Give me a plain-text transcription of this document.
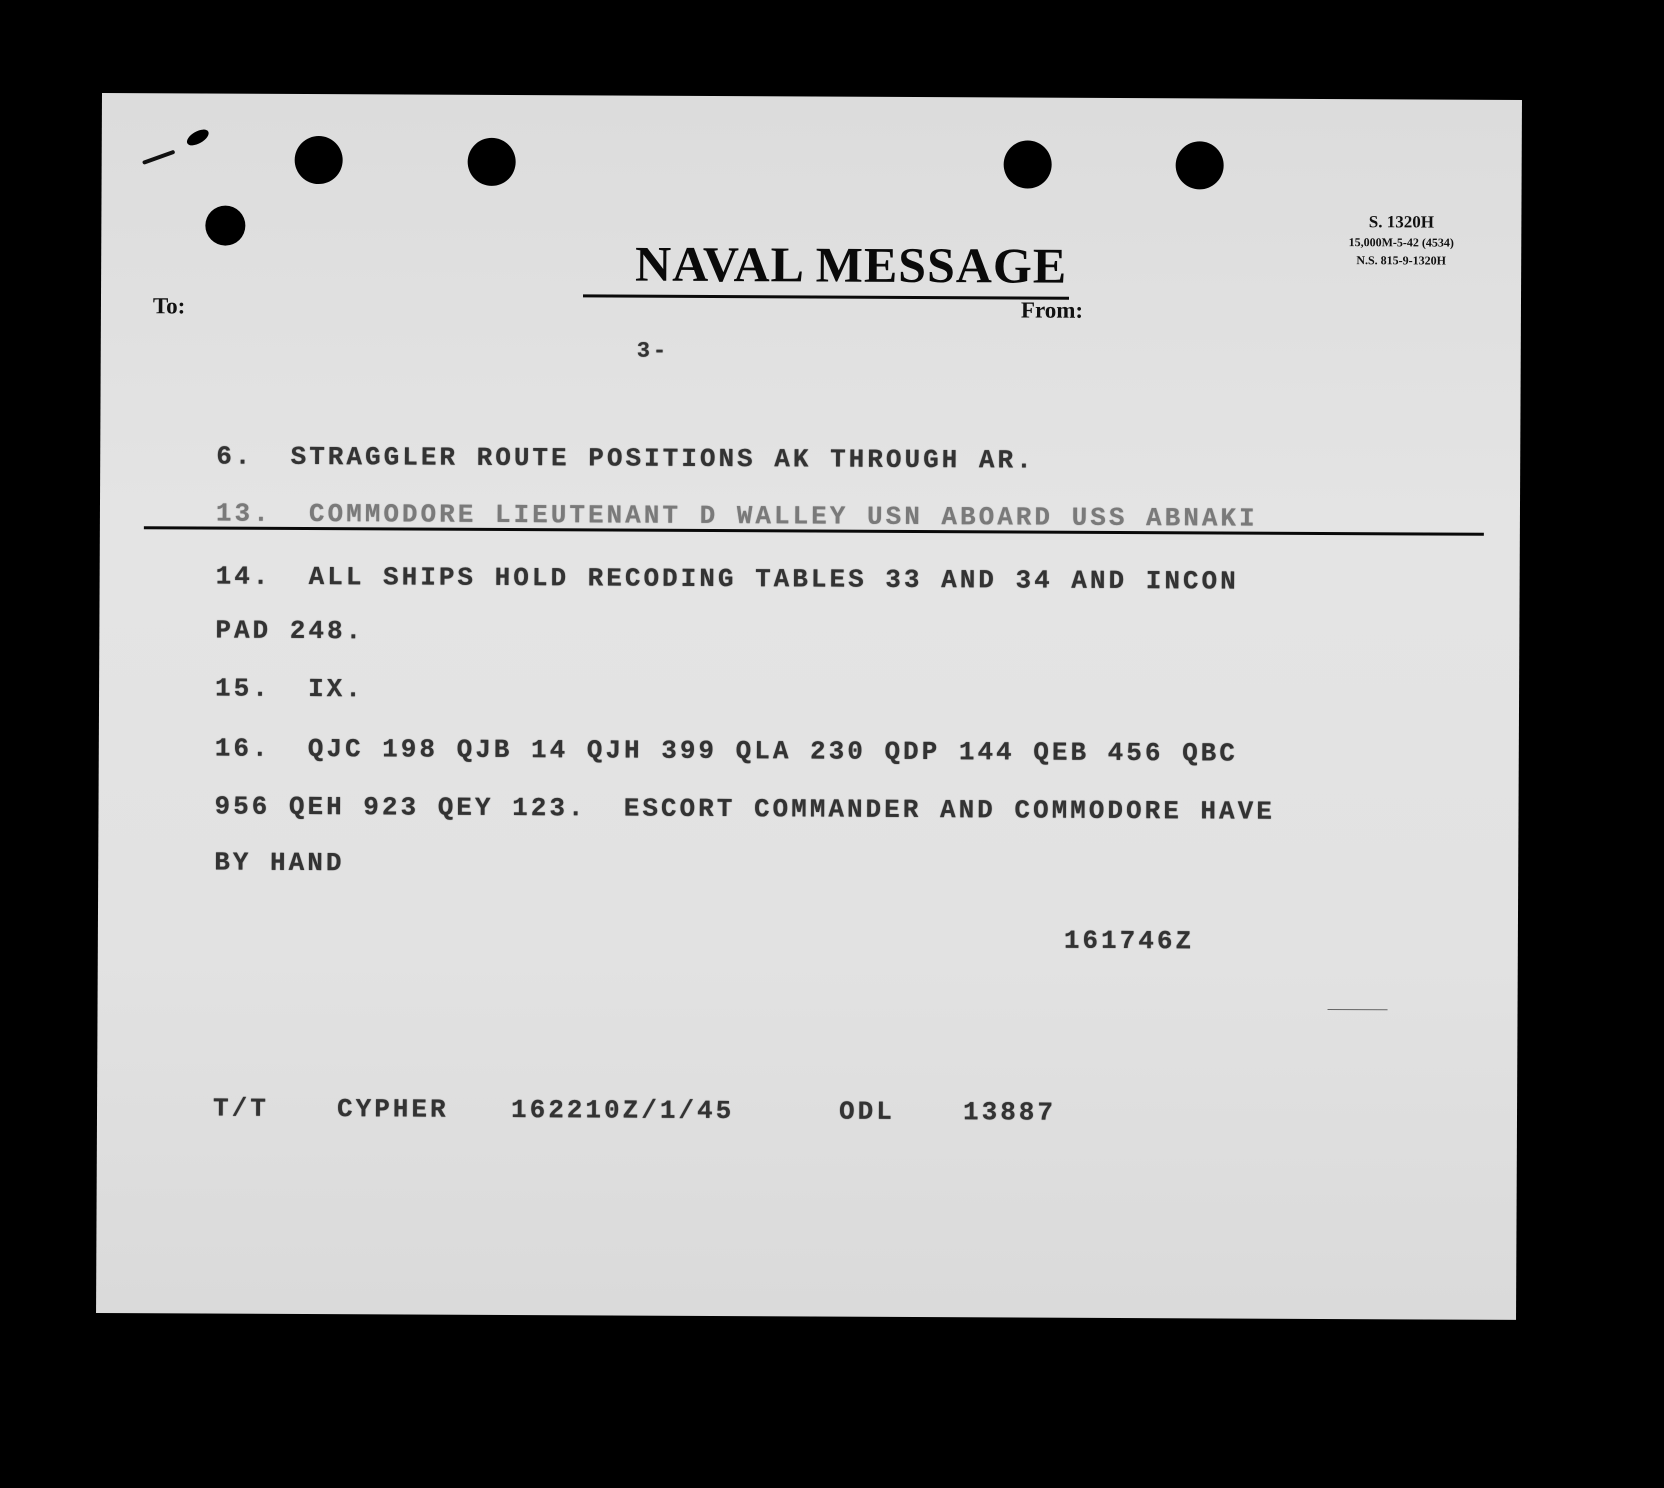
S. 1320H
15,000M-5-42 (4534)
N.S. 815-9-1320H
NAVAL MESSAGE
To:	From:
3-
6.  STRAGGLER ROUTE POSITIONS AK THROUGH AR.
13.  COMMODORE LIEUTENANT D WALLEY USN ABOARD USS ABNAKI
14.  ALL SHIPS HOLD RECODING TABLES 33 AND 34 AND INCON
PAD 248.
15.  IX.
16.  QJC 198 QJB 14 QJH 399 QLA 230 QDP 144 QEB 456 QBC
956 QEH 923 QEY 123.  ESCORT COMMANDER AND COMMODORE HAVE
BY HAND
161746Z
T/T	CYPHER 162210Z/1/45	ODL	13887
